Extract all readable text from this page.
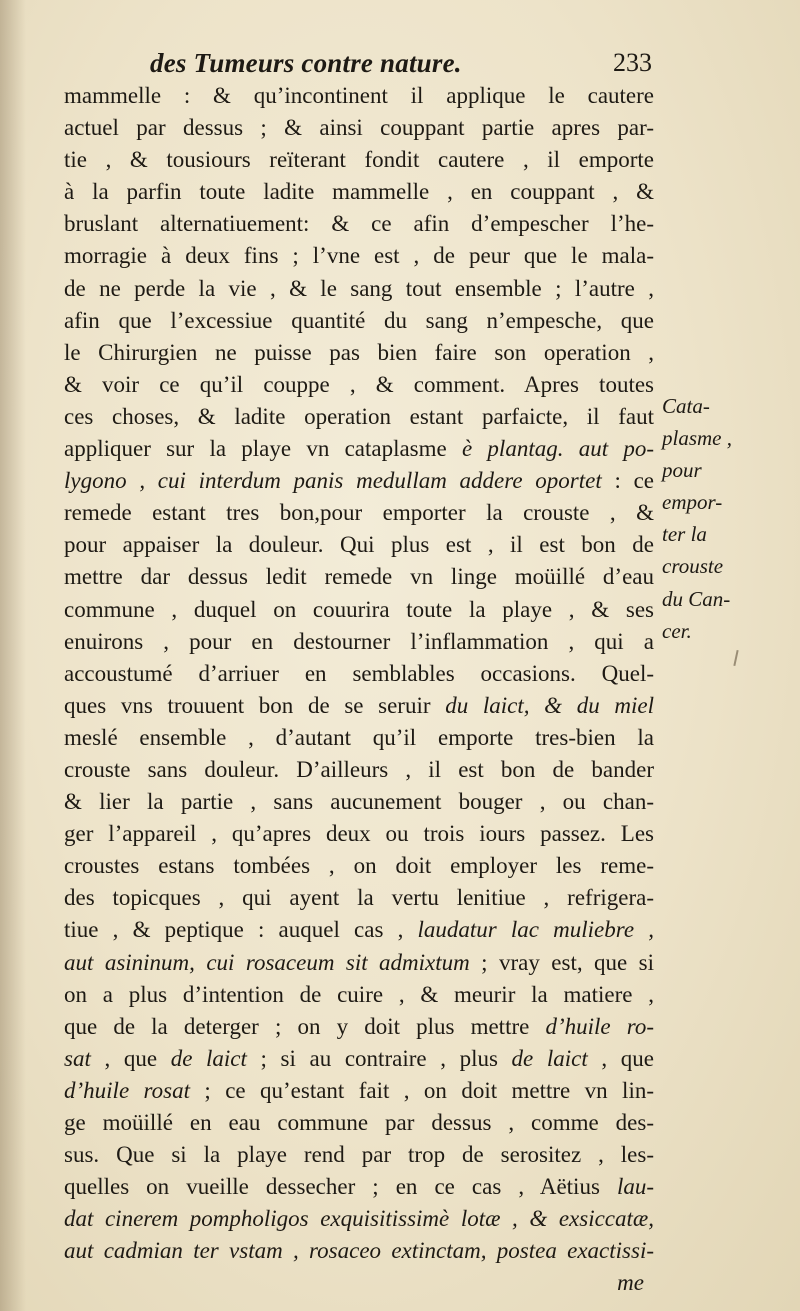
des Tumeurs contre nature.	233
mammelle : & qu’incontinent il applique le cautere
actuel par dessus ; & ainsi couppant partie apres par-
tie , & tousiours reïterant fondit cautere , il emporte
à la parfin toute ladite mammelle , en couppant , &
bruslant alternatiuement: & ce afin d’empescher l’he-
morragie à deux fins ; l’vne est , de peur que le mala-
de ne perde la vie , & le sang tout ensemble ; l’autre ,
afin que l’excessiue quantité du sang n’empesche, que
le Chirurgien ne puisse pas bien faire son operation ,
& voir ce qu’il couppe , & comment. Apres toutes
ces choses, & ladite operation estant parfaicte, il faut
appliquer sur la playe vn cataplasme è plantag. aut po-
lygono , cui interdum panis medullam addere oportet : ce
remede estant tres bon,pour emporter la crouste , &
pour appaiser la douleur. Qui plus est , il est bon de
mettre dar dessus ledit remede vn linge moüillé d’eau
commune , duquel on couurira toute la playe , & ses
enuirons , pour en destourner l’inflammation , qui a
accoustumé d’arriuer en semblables occasions. Quel-
ques vns trouuent bon de se seruir du laict, & du miel
meslé ensemble , d’autant qu’il emporte tres-bien la
crouste sans douleur. D’ailleurs , il est bon de bander
& lier la partie , sans aucunement bouger , ou chan-
ger l’appareil , qu’apres deux ou trois iours passez. Les
croustes estans tombées , on doit employer les reme-
des topicques , qui ayent la vertu lenitiue , refrigera-
tiue , & peptique : auquel cas , laudatur lac muliebre ,
aut asininum, cui rosaceum sit admixtum ; vray est, que si
on a plus d’intention de cuire , & meurir la matiere ,
que de la deterger ; on y doit plus mettre d’huile ro-
sat , que de laict ; si au contraire , plus de laict , que
d’huile rosat ; ce qu’estant fait , on doit mettre vn lin-
ge moüillé en eau commune par dessus , comme des-
sus. Que si la playe rend par trop de serositez , les-
quelles on vueille dessecher ; en ce cas , Aëtius lau-
dat cinerem pompholigos exquisitissimè lotæ , & exsiccatæ,
aut cadmian ter vstam , rosaceo extinctam, postea exactissi-
me
Cata-
plasme ,
pour
empor-
ter la
crouste
du Can-
cer.
